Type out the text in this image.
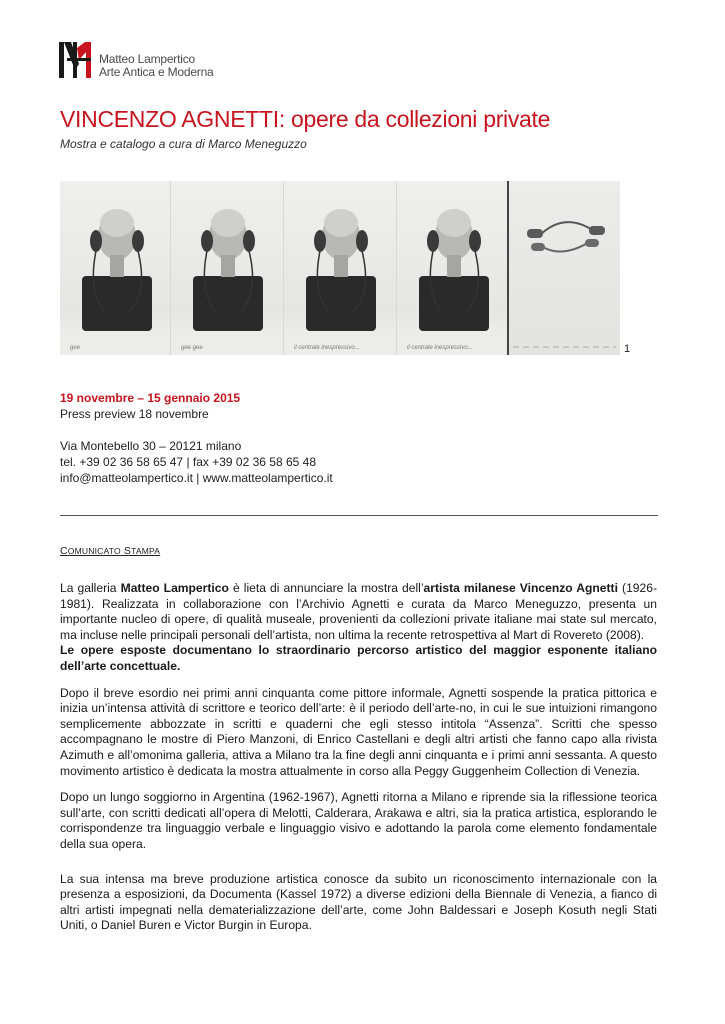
Matteo Lampertico
Arte Antica e Moderna
VINCENZO AGNETTI: opere da collezioni private
Mostra e catalogo a cura di Marco Meneguzzo
gee	gee gee	il centrale inespressivo...	il centrale inespressivo...	1
19 novembre – 15 gennaio 2015
Press preview 18 novembre
Via Montebello 30 – 20121 milano
tel. +39 02 36 58 65 47 | fax +39 02 36 58 65 48
info@matteolampertico.it | www.matteolampertico.it
COMUNICATO STAMPA

La galleria Matteo Lampertico è lieta di annunciare la mostra dell’artista milanese Vincenzo Agnetti (1926-1981). Realizzata in collaborazione con l’Archivio Agnetti e curata da Marco Meneguzzo, presenta un importante nucleo di opere, di qualità museale, provenienti da collezioni private italiane mai state sul mercato, ma incluse nelle principali personali dell’artista, non ultima la recente retrospettiva al Mart di Rovereto (2008).

Le opere esposte documentano lo straordinario percorso artistico del maggior esponente italiano dell’arte concettuale.

Dopo il breve esordio nei primi anni cinquanta come pittore informale, Agnetti sospende la pratica pittorica e inizia un’intensa attività di scrittore e teorico dell’arte: è il periodo dell’arte-no, in cui le sue intuizioni rimangono semplicemente abbozzate in scritti e quaderni che egli stesso intitola “Assenza”. Scritti che spesso accompagnano le mostre di Piero Manzoni, di Enrico Castellani e degli altri artisti che fanno capo alla rivista Azimuth e all’omonima galleria, attiva a Milano tra la fine degli anni cinquanta e i primi anni sessanta. A questo movimento artistico è dedicata la mostra attualmente in corso alla Peggy Guggenheim Collection di Venezia.

Dopo un lungo soggiorno in Argentina (1962-1967), Agnetti ritorna a Milano e riprende sia la riflessione teorica sull’arte, con scritti dedicati all’opera di Melotti, Calderara, Arakawa e altri, sia la pratica artistica, esplorando le corrispondenze tra linguaggio verbale e linguaggio visivo e adottando la parola come elemento fondamentale della sua opera.

La sua intensa ma breve produzione artistica conosce da subito un riconoscimento internazionale con la presenza a esposizioni, da Documenta (Kassel 1972) a diverse edizioni della Biennale di Venezia, a fianco di altri artisti impegnati nella dematerializzazione dell’arte, come John Baldessari e Joseph Kosuth negli Stati Uniti, o Daniel Buren e Victor Burgin in Europa.
